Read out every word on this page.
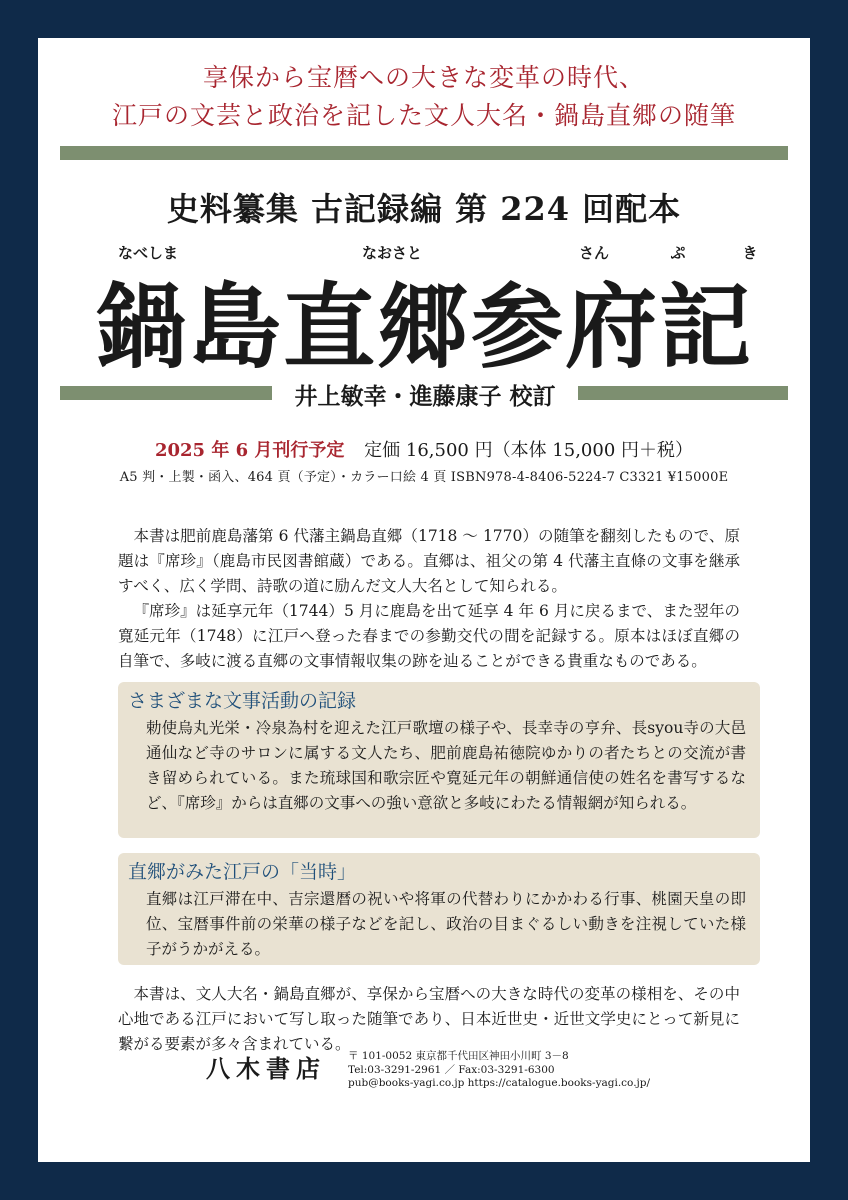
享保から宝暦への大きな変革の時代、
江戸の文芸と政治を記した文人大名・鍋島直郷の随筆
史料纂集 古記録編 第 224 回配本
なべしま	なおさと	さん	ぷ	き
鍋島直郷参府記
井上敏幸・進藤康子 校訂
2025 年 6 月刊行予定 定価 16,500 円（本体 15,000 円＋税）
A5 判・上製・函入、464 頁（予定）・カラー口絵 4 頁 ISBN978-4-8406-5224-7 C3321 ¥15000E

本書は肥前鹿島藩第 6 代藩主鍋島直郷（1718 ～ 1770）の随筆を翻刻したもので、原題は『席珍』（鹿島市民図書館蔵）である。直郷は、祖父の第 4 代藩主直條の文事を継承すべく、広く学問、詩歌の道に励んだ文人大名として知られる。

『席珍』は延享元年（1744）5 月に鹿島を出て延享 4 年 6 月に戻るまで、また翌年の寛延元年（1748）に江戸へ登った春までの参勤交代の間を記録する。原本はほぼ直郷の自筆で、多岐に渡る直郷の文事情報収集の跡を辿ることができる貴重なものである。

さまざまな文事活動の記録
勅使烏丸光栄・冷泉為村を迎えた江戸歌壇の様子や、長幸寺の亨弁、長syou寺の大邑通仙など寺のサロンに属する文人たち、肥前鹿島祐徳院ゆかりの者たちとの交流が書き留められている。また琉球国和歌宗匠や寛延元年の朝鮮通信使の姓名を書写するなど、『席珍』からは直郷の文事への強い意欲と多岐にわたる情報網が知られる。
直郷がみた江戸の「当時」
直郷は江戸滞在中、吉宗還暦の祝いや将軍の代替わりにかかわる行事、桃園天皇の即位、宝暦事件前の栄華の様子などを記し、政治の目まぐるしい動きを注視していた様子がうかがえる。

本書は、文人大名・鍋島直郷が、享保から宝暦への大きな時代の変革の様相を、その中心地である江戸において写し取った随筆であり、日本近世史・近世文学史にとって新見に繋がる要素が多々含まれている。

八木書店 〒 101-0052 東京都千代田区神田小川町 3－8
Tel:03-3291-2961 ／ Fax:03-3291-6300
pub@books-yagi.co.jp https://catalogue.books-yagi.co.jp/
